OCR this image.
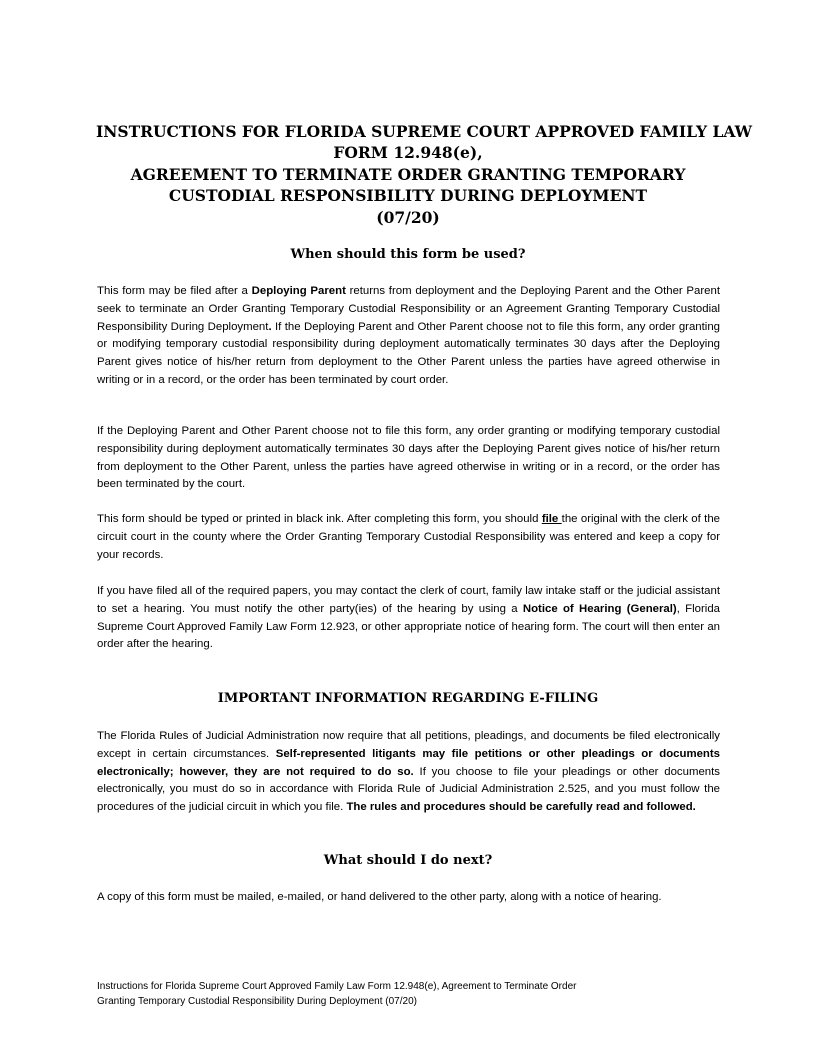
INSTRUCTIONS FOR FLORIDA SUPREME COURT APPROVED FAMILY LAW
FORM 12.948(e),
AGREEMENT TO TERMINATE ORDER GRANTING TEMPORARY
CUSTODIAL RESPONSIBILITY DURING DEPLOYMENT
(07/20)
When should this form be used?

This form may be filed after a Deploying Parent returns from deployment and the Deploying Parent and the Other Parent seek to terminate an Order Granting Temporary Custodial Responsibility or an Agreement Granting Temporary Custodial Responsibility During Deployment. If the Deploying Parent and Other Parent choose not to file this form, any order granting or modifying temporary custodial responsibility during deployment automatically terminates 30 days after the Deploying Parent gives notice of his/her return from deployment to the Other Parent unless the parties have agreed otherwise in writing or in a record, or the order has been terminated by court order.

If the Deploying Parent and Other Parent choose not to file this form, any order granting or modifying temporary custodial responsibility during deployment automatically terminates 30 days after the Deploying Parent gives notice of his/her return from deployment to the Other Parent, unless the parties have agreed otherwise in writing or in a record, or the order has been terminated by the court.

This form should be typed or printed in black ink. After completing this form, you should file the original with the clerk of the circuit court in the county where the Order Granting Temporary Custodial Responsibility was entered and keep a copy for your records.

If you have filed all of the required papers, you may contact the clerk of court, family law intake staff or the judicial assistant to set a hearing. You must notify the other party(ies) of the hearing by using a Notice of Hearing (General), Florida Supreme Court Approved Family Law Form 12.923, or other appropriate notice of hearing form. The court will then enter an order after the hearing.

IMPORTANT INFORMATION REGARDING E-FILING

The Florida Rules of Judicial Administration now require that all petitions, pleadings, and documents be filed electronically except in certain circumstances. Self-represented litigants may file petitions or other pleadings or documents electronically; however, they are not required to do so. If you choose to file your pleadings or other documents electronically, you must do so in accordance with Florida Rule of Judicial Administration 2.525, and you must follow the procedures of the judicial circuit in which you file. The rules and procedures should be carefully read and followed.

What should I do next?

A copy of this form must be mailed, e-mailed, or hand delivered to the other party, along with a notice of hearing.

Instructions for Florida Supreme Court Approved Family Law Form 12.948(e), Agreement to Terminate Order
Granting Temporary Custodial Responsibility During Deployment (07/20)
